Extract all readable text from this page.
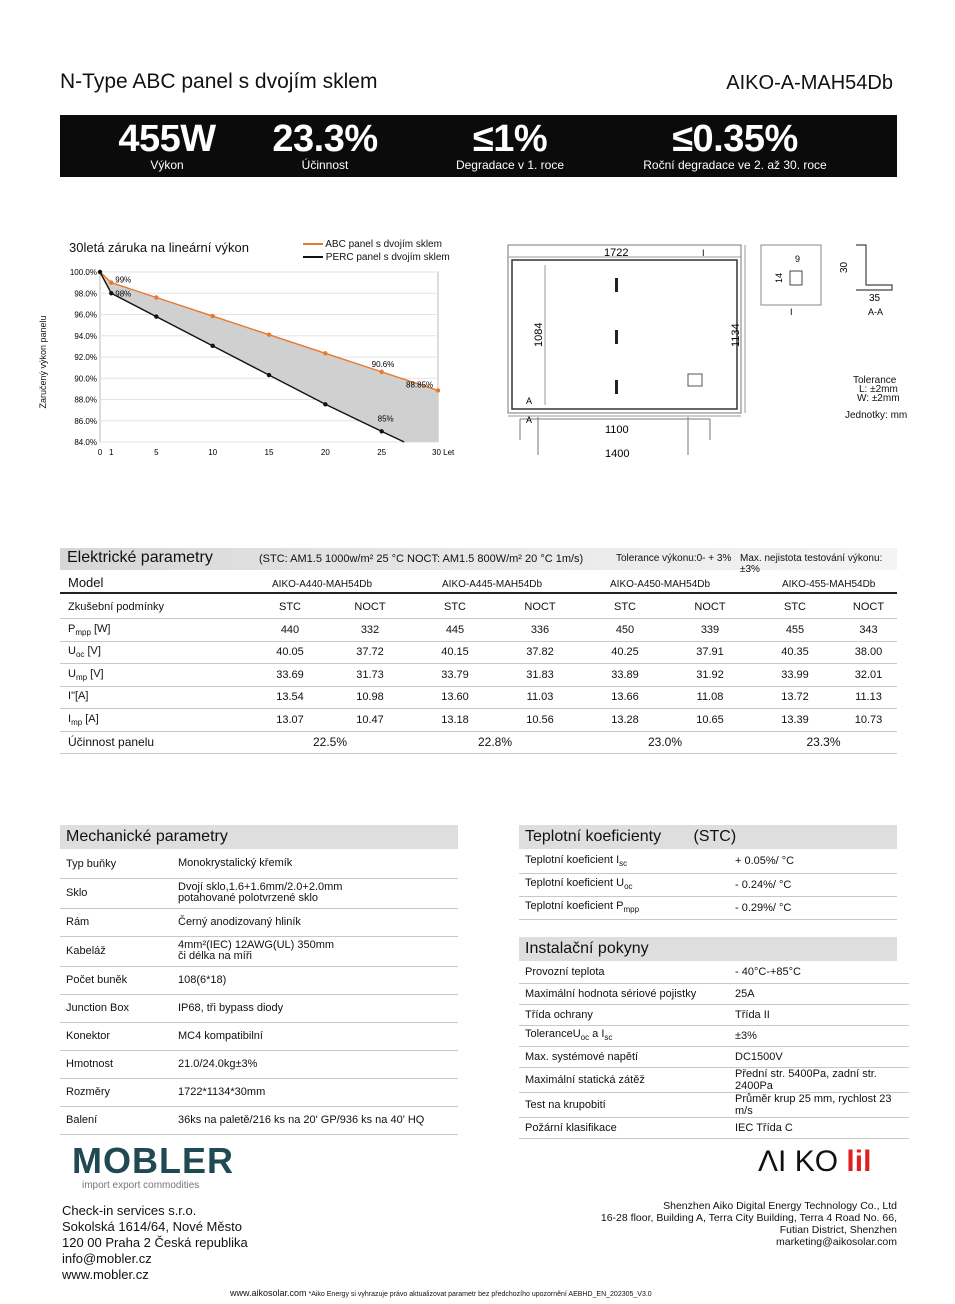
N-Type ABC panel s dvojím sklem	AIKO-A-MAH54Db
455W
Výkon
23.3%
Účinnost
≤1%
Degradace v 1. roce
≤0.35%
Roční degradace ve 2. až 30. roce
30letá záruka na lineární výkon	ABC panel s dvojím sklem
PERC panel s dvojím sklem
Zaručený výkon panelu
100.0%
98.0%
96.0%
94.0%
92.0%
90.0%
88.0%
86.0%
84.0%
0 1	5	10	15	20	25	30 Let
99%
98%
90.6%
88.85%
85%
1722
1084	1134
1100
1400
I
A
A
14
9
I
30
35
A-A
Tolerance
L: ±2mm
W: ±2mm
Jednotky: mm
Elektrické parametry	(STC: AM1.5 1000w/m² 25 °C NOCT: AM1.5 800W/m² 20 °C 1m/s)	Tolerance výkonu:0- + 3% Max. nejistota testování výkonu:±3%
Model	AIKO-A440-MAH54Db	AIKO-A445-MAH54Db	AIKO-A450-MAH54Db	AIKO-455-MAH54Db
Zkušební podmínky	STC	NOCT	STC	NOCT	STC	NOCT	STC	NOCT	
$P_{mpp}$ [W]	440	332	445	336	450	339	455	343	
$U_{oc}$ [V]	40.05	37.72	40.15	37.82	40.25	37.91	40.35	38.00	
$U_{mp}$ [V]	33.69	31.73	33.79	31.83	33.89	31.92	33.99	32.01	
I"[A]	13.54	10.98	13.60	11.03	13.66	11.08	13.72	11.13	
$I_{mp}$ [A]	13.07	10.47	13.18	10.56	13.28	10.65	13.39	10.73	
Účinnost panelu	22.5%		22.8%		23.0%		23.3%		
Mechanické parametry
Typ buňky	Monokrystalický křemík

Sklo	Dvojí sklo,1.6+1.6mm/2.0+2.0mm
potahované polotvrzené sklo

Rám	Černý anodizovaný hliník

Kabeláž	4mm²(IEC) 12AWG(UL) 350mm
či délka na míři

Počet buněk	108(6*18)

Junction Box	IP68, tři bypass diody

Konektor	MC4 kompatibilní

Hmotnost	21.0/24.0kg±3%

Rozměry	1722*1134*30mm

Balení	36ks na paletě/216 ks na 20' GP/936 ks na 40' HQ
Teplotní koeficienty (STC)
Teplotní koeficient $I_{sc}$	+ 0.05%/ °C
Teplotní koeficient $U_{oc}$	- 0.24%/ °C
Teplotní koeficient $P_{mpp}$	- 0.29%/ °C
Instalační pokyny
Provozní teplota	- 40°C-+85°C
Maximální hodnota sériové pojistky	25A
Třída ochrany	Třída II
ToleranceU$_{oc}$ a $I_{sc}$	±3%
Max. systémové napětí	DC1500V
Maximální statická zátěž	Přední str. 5400Pa, zadní str. 2400Pa
Test na krupobití	Průměr krup 25 mm, rychlost 23 m/s
Požární klasifikace	IEC Třída C
MOBLER
import export commodities
Check-in services s.r.o.
Sokolská 1614/64, Nové Město
120 00 Praha 2 Česká republika
info@mobler.cz
www.mobler.cz
ΛI KO lil
Shenzhen Aiko Digital Energy Technology Co., Ltd
16-28 floor, Building A, Terra City Building, Terra 4 Road No. 66,
Futian District, Shenzhen
marketing@aikosolar.com
www.aikosolar.com *Aiko Energy si vyhrazuje právo aktualizovat parametr bez předchozího upozornění AEBHD_EN_202305_V3.0
